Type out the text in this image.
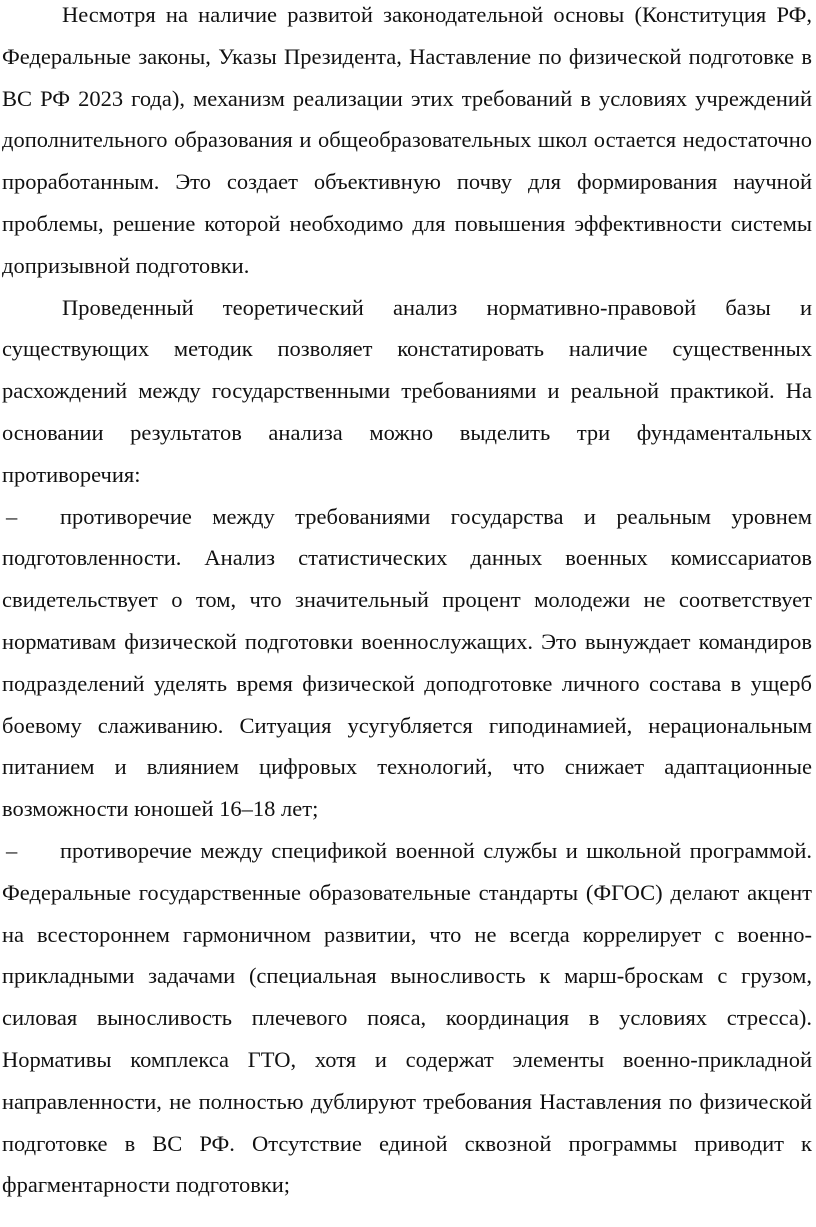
Несмотря на наличие развитой законодательной основы (Конституция РФ, Федеральные законы, Указы Президента, Наставление по физической подготовке в ВС РФ 2023 года), механизм реализации этих требований в условиях учреждений дополнительного образования и общеобразовательных школ остается недостаточно проработанным. Это создает объективную почву для формирования научной проблемы, решение которой необходимо для повышения эффективности системы допризывной подготовки.

Проведенный теоретический анализ нормативно-правовой базы и существующих методик позволяет констатировать наличие существенных расхождений между государственными требованиями и реальной практикой. На основании результатов анализа можно выделить три фундаментальных противоречия:

– противоречие между требованиями государства и реальным уровнем подготовленности. Анализ статистических данных военных комиссариатов свидетельствует о том, что значительный процент молодежи не соответствует нормативам физической подготовки военнослужащих. Это вынуждает командиров подразделений уделять время физической доподготовке личного состава в ущерб боевому слаживанию. Ситуация усугубляется гиподинамией, нерациональным питанием и влиянием цифровых технологий, что снижает адаптационные возможности юношей 16–18 лет;

– противоречие между спецификой военной службы и школьной программой. Федеральные государственные образовательные стандарты (ФГОС) делают акцент на всестороннем гармоничном развитии, что не всегда коррелирует с военно-прикладными задачами (специальная выносливость к марш-броскам с грузом, силовая выносливость плечевого пояса, координация в условиях стресса). Нормативы комплекса ГТО, хотя и содержат элементы военно-прикладной направленности, не полностью дублируют требования Наставления по физической подготовке в ВС РФ. Отсутствие единой сквозной программы приводит к фрагментарности подготовки;
